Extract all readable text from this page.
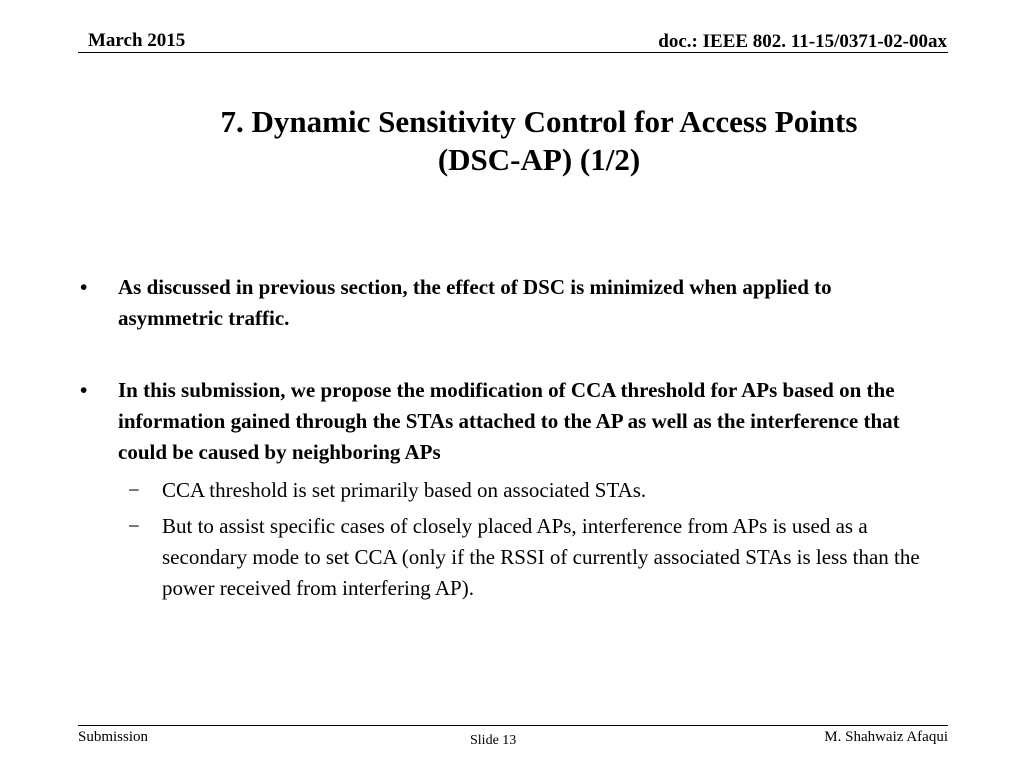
March 2015	doc.: IEEE 802. 11-15/0371-02-00ax
7. Dynamic Sensitivity Control for Access Points
(DSC-AP) (1/2)
•	As discussed in previous section, the effect of DSC is minimized when applied to asymmetric traffic.
•	In this submission, we propose the modification of CCA threshold for APs based on the information gained through the STAs attached to the AP as well as the interference that could be caused by neighboring APs
−	CCA threshold is set primarily based on associated STAs.
−	But to assist specific cases of closely placed APs, interference from APs is used as a secondary mode to set CCA (only if the RSSI of currently associated STAs is less than the power received from interfering AP).
Submission	Slide 13	M. Shahwaiz Afaqui
